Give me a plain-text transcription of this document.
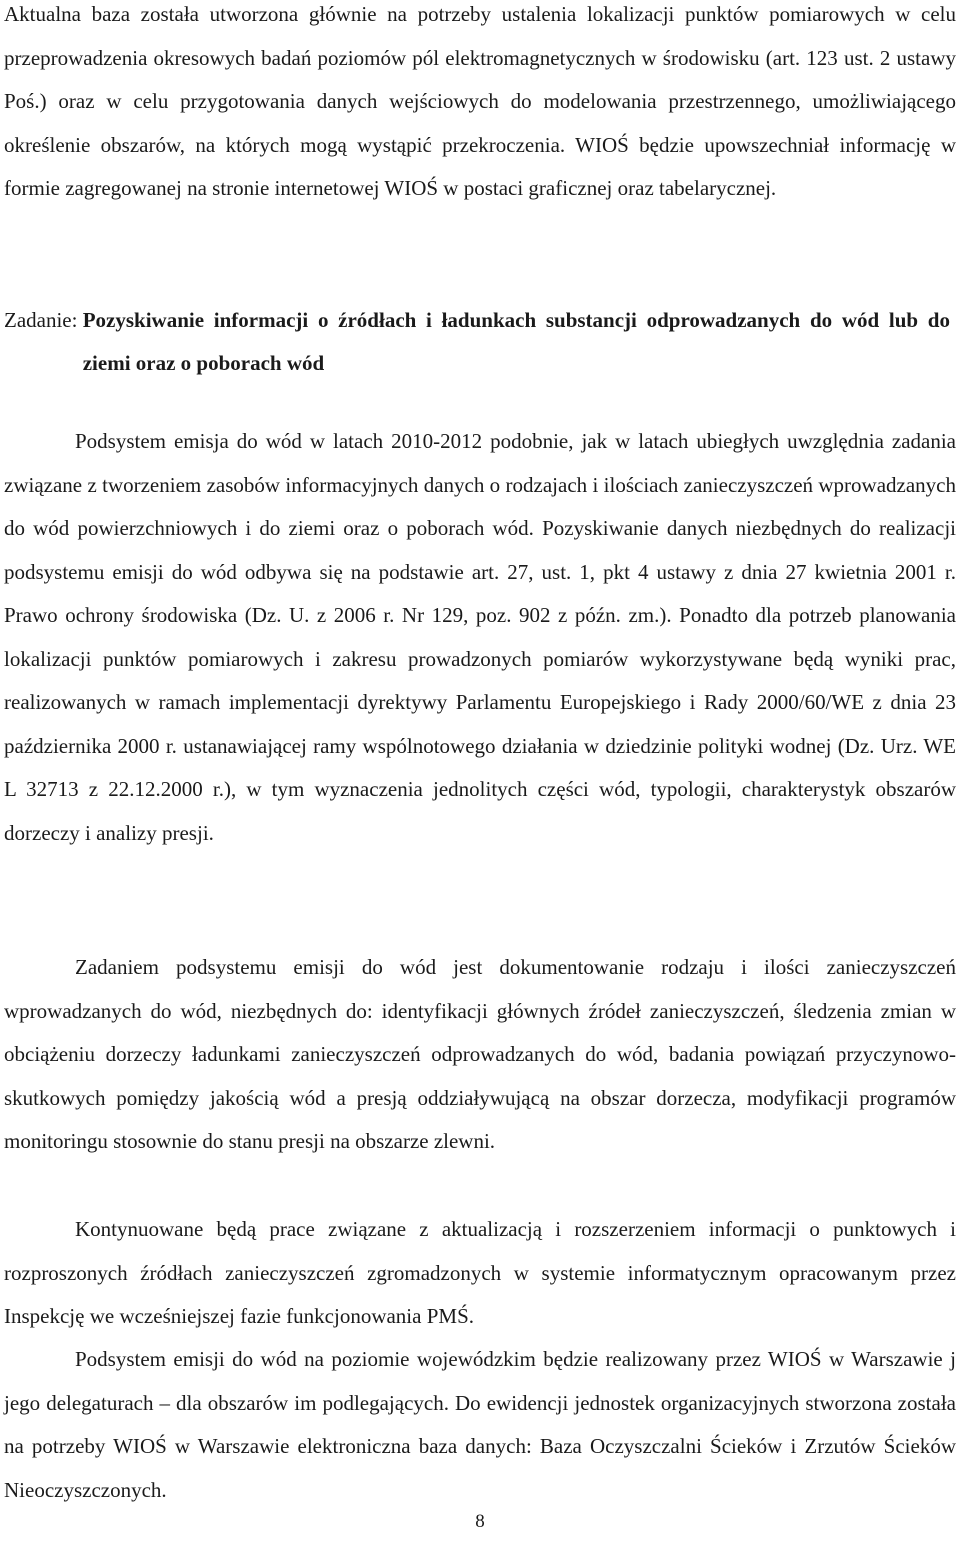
Aktualna baza została utworzona głównie na potrzeby ustalenia lokalizacji punktów pomiarowych w celu przeprowadzenia okresowych badań poziomów pól elektromagnetycznych w środowisku (art. 123 ust. 2 ustawy Poś.) oraz w celu przygotowania danych wejściowych do modelowania przestrzennego, umożliwiającego określenie obszarów, na których mogą wystąpić przekroczenia. WIOŚ będzie upowszechniał informację w formie zagregowanej na stronie internetowej WIOŚ w postaci graficznej oraz tabelarycznej.

Zadanie: Pozyskiwanie informacji o źródłach i ładunkach substancji odprowadzanych do wód lub do ziemi oraz o poborach wód

Podsystem emisja do wód w latach 2010-2012 podobnie, jak w latach ubiegłych uwzględnia zadania związane z tworzeniem zasobów informacyjnych danych o rodzajach i ilościach zanieczyszczeń wprowadzanych do wód powierzchniowych i do ziemi oraz o poborach wód. Pozyskiwanie danych niezbędnych do realizacji podsystemu emisji do wód odbywa się na podstawie art. 27, ust. 1, pkt 4 ustawy z dnia 27 kwietnia 2001 r. Prawo ochrony środowiska (Dz. U. z 2006 r. Nr 129, poz. 902 z późn. zm.). Ponadto dla potrzeb planowania lokalizacji punktów pomiarowych i zakresu prowadzonych pomiarów wykorzystywane będą wyniki prac, realizowanych w ramach implementacji dyrektywy Parlamentu Europejskiego i Rady 2000/60/WE z dnia 23 października 2000 r. ustanawiającej ramy wspólnotowego działania w dziedzinie polityki wodnej (Dz. Urz. WE L 32713 z 22.12.2000 r.), w tym wyznaczenia jednolitych części wód, typologii, charakterystyk obszarów dorzeczy i analizy presji.

Zadaniem podsystemu emisji do wód jest dokumentowanie rodzaju i ilości zanieczyszczeń wprowadzanych do wód, niezbędnych do: identyfikacji głównych źródeł zanieczyszczeń, śledzenia zmian w obciążeniu dorzeczy ładunkami zanieczyszczeń odprowadzanych do wód, badania powiązań przyczynowo-skutkowych pomiędzy jakością wód a presją oddziaływującą na obszar dorzecza, modyfikacji programów monitoringu stosownie do stanu presji na obszarze zlewni.

Kontynuowane będą prace związane z aktualizacją i rozszerzeniem informacji o punktowych i rozproszonych źródłach zanieczyszczeń zgromadzonych w systemie informatycznym opracowanym przez Inspekcję we wcześniejszej fazie funkcjonowania PMŚ.

Podsystem emisji do wód na poziomie wojewódzkim będzie realizowany przez WIOŚ w Warszawie j jego delegaturach – dla obszarów im podlegających. Do ewidencji jednostek organizacyjnych stworzona została na potrzeby WIOŚ w Warszawie elektroniczna baza danych: Baza Oczyszczalni Ścieków i Zrzutów Ścieków Nieoczyszczonych.

8
